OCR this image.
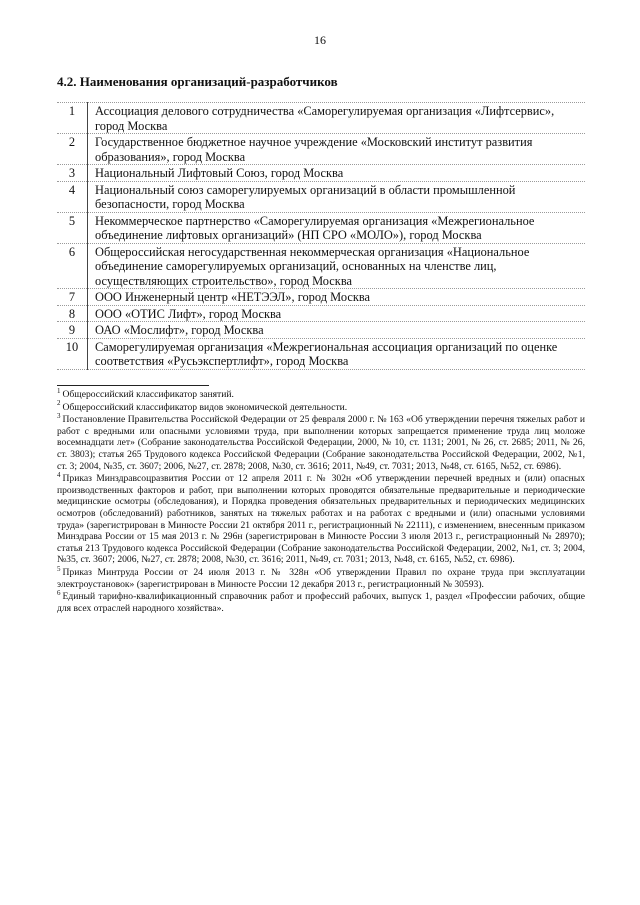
16
4.2. Наименования организаций-разработчиков
1	Ассоциация делового сотрудничества «Саморегулируемая организация «Лифтсервис», город Москва
2	Государственное бюджетное научное учреждение «Московский институт развития образования», город Москва
3	Национальный Лифтовый Союз, город Москва
4	Национальный союз саморегулируемых организаций в области промышленной безопасности, город Москва
5	Некоммерческое партнерство «Саморегулируемая организация «Межрегиональное объединение лифтовых организаций» (НП СРО «МОЛО»), город Москва
6	Общероссийская негосударственная некоммерческая организация «Национальное объединение саморегулируемых организаций, основанных на членстве лиц, осуществляющих строительство», город Москва
7	ООО Инженерный центр «НЕТЭЭЛ», город Москва
8	ООО «ОТИС Лифт», город Москва
9	ОАО «Мослифт», город Москва
10	Саморегулируемая организация «Межрегиональная ассоциация организаций по оценке соответствия «Русьэкспертлифт», город Москва

$^1$ Общероссийский классификатор занятий.

$^2$ Общероссийский классификатор видов экономической деятельности.

$^3$ Постановление Правительства Российской Федерации от 25 февраля 2000 г. № 163 «Об утверждении перечня тяжелых работ и работ с вредными или опасными условиями труда, при выполнении которых запрещается применение труда лиц моложе восемнадцати лет» (Собрание законодательства Российской Федерации, 2000, № 10, ст. 1131; 2001, № 26, ст. 2685; 2011, № 26, ст. 3803); статья 265 Трудового кодекса Российской Федерации (Собрание законодательства Российской Федерации, 2002, №1, ст. 3; 2004, №35, ст. 3607; 2006, №27, ст. 2878; 2008, №30, ст. 3616; 2011, №49, ст. 7031; 2013, №48, ст. 6165, №52, ст. 6986).

$^4$ Приказ Минздравсоцразвития России от 12 апреля 2011 г. № 302н «Об утверждении перечней вредных и (или) опасных производственных факторов и работ, при выполнении которых проводятся обязательные предварительные и периодические медицинские осмотры (обследования), и Порядка проведения обязательных предварительных и периодических медицинских осмотров (обследований) работников, занятых на тяжелых работах и на работах с вредными и (или) опасными условиями труда» (зарегистрирован в Минюсте России 21 октября 2011 г., регистрационный № 22111), с изменением, внесенным приказом Минздрава России от 15 мая 2013 г. № 296н (зарегистрирован в Минюсте России 3 июля 2013 г., регистрационный № 28970); статья 213 Трудового кодекса Российской Федерации (Собрание законодательства Российской Федерации, 2002, №1, ст. 3; 2004, №35, ст. 3607; 2006, №27, ст. 2878; 2008, №30, ст. 3616; 2011, №49, ст. 7031; 2013, №48, ст. 6165, №52, ст. 6986).

$^5$ Приказ Минтруда России от 24 июля 2013 г. № 328н «Об утверждении Правил по охране труда при эксплуатации электроустановок» (зарегистрирован в Минюсте России 12 декабря 2013 г., регистрационный № 30593).

$^6$ Единый тарифно-квалификационный справочник работ и профессий рабочих, выпуск 1, раздел «Профессии рабочих, общие для всех отраслей народного хозяйства».
